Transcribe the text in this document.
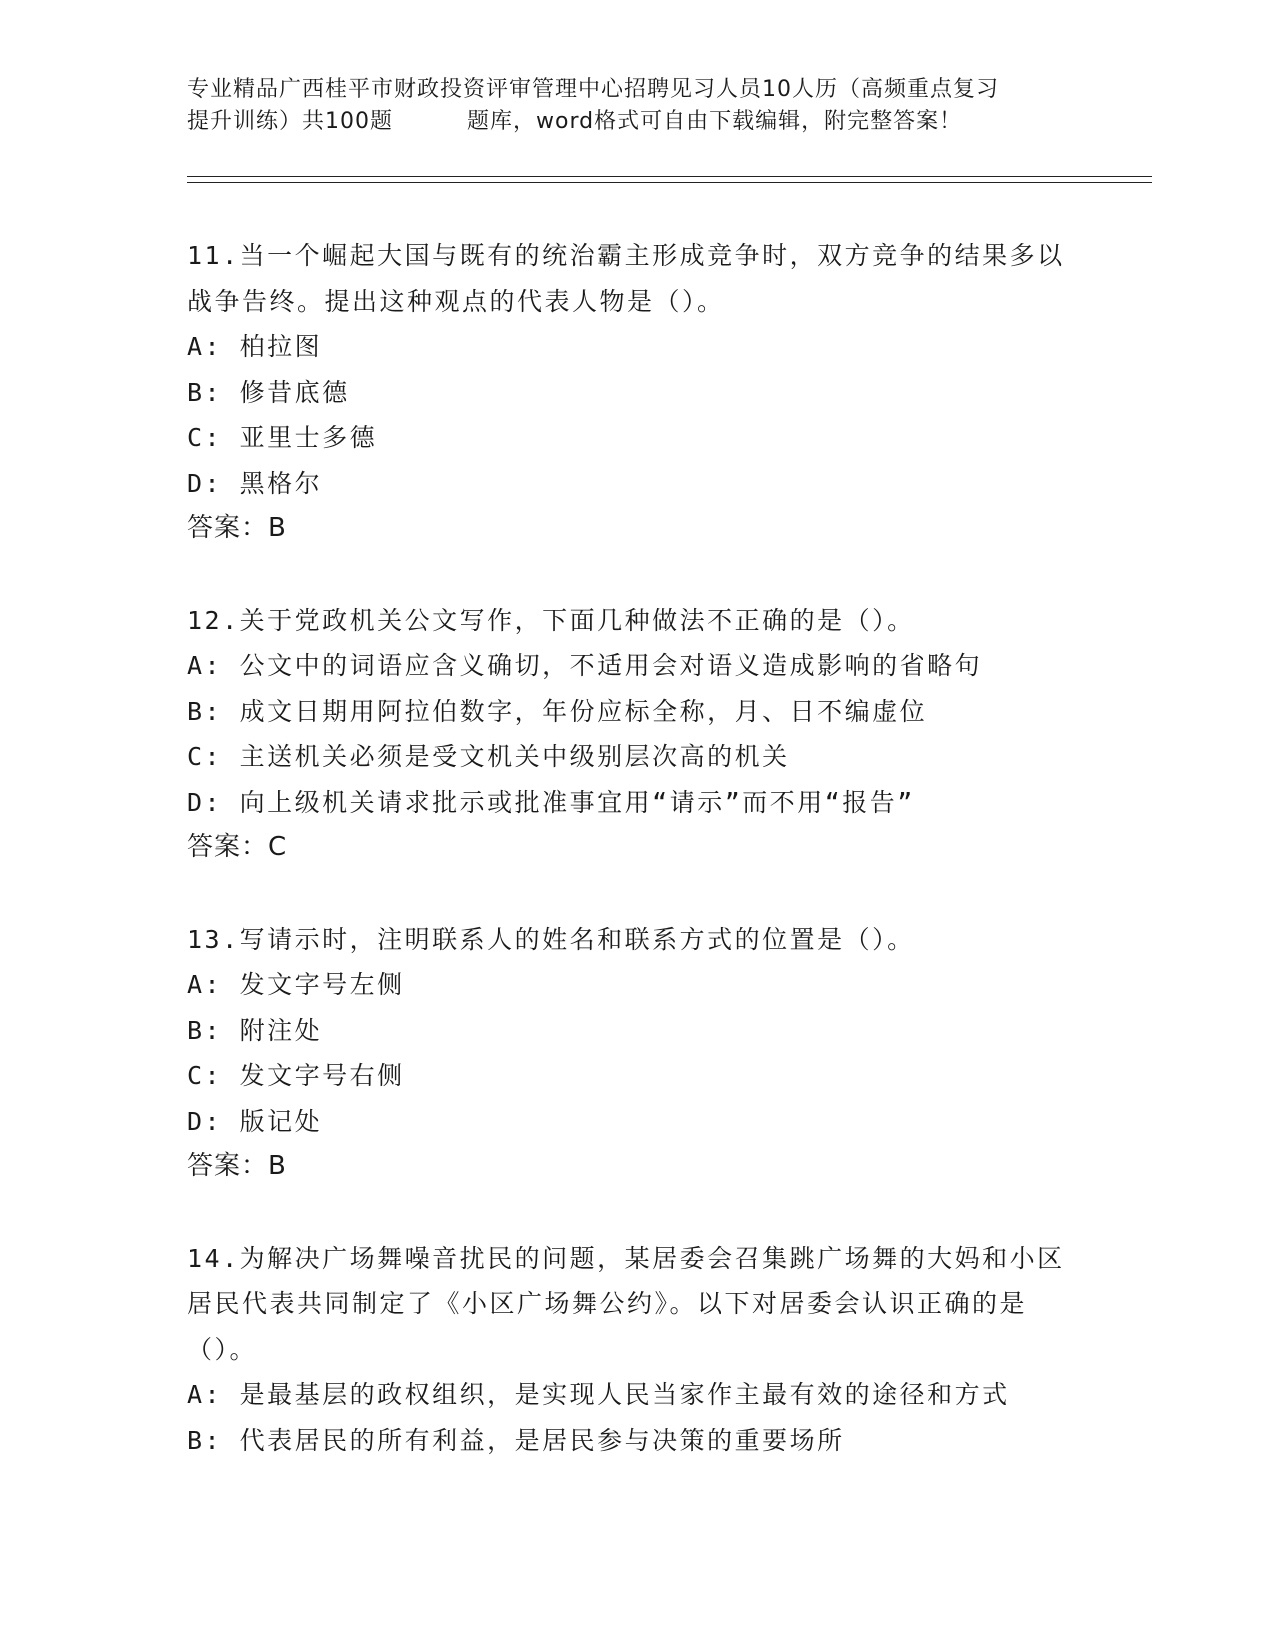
专业精品广西桂平市财政投资评审管理中心招聘见习人员10人历（高频重点复习
提升训练）共100题	题库，word格式可自由下载编辑，附完整答案！
11.当一个崛起大国与既有的统治霸主形成竞争时，双方竞争的结果多以战争告终。提出这种观点的代表人物是（）。
A: 柏拉图
B: 修昔底德
C: 亚里士多德
D: 黑格尔
答案：B
12.关于党政机关公文写作，下面几种做法不正确的是（）。
A: 公文中的词语应含义确切，不适用会对语义造成影响的省略句
B: 成文日期用阿拉伯数字，年份应标全称，月、日不编虚位
C: 主送机关必须是受文机关中级别层次高的机关
D: 向上级机关请求批示或批准事宜用“请示”而不用“报告”
答案：C
13.写请示时，注明联系人的姓名和联系方式的位置是（）。
A: 发文字号左侧
B: 附注处
C: 发文字号右侧
D: 版记处
答案：B
14.为解决广场舞噪音扰民的问题，某居委会召集跳广场舞的大妈和小区居民代表共同制定了《小区广场舞公约》。以下对居委会认识正确的是（）。
A: 是最基层的政权组织，是实现人民当家作主最有效的途径和方式
B: 代表居民的所有利益，是居民参与决策的重要场所
